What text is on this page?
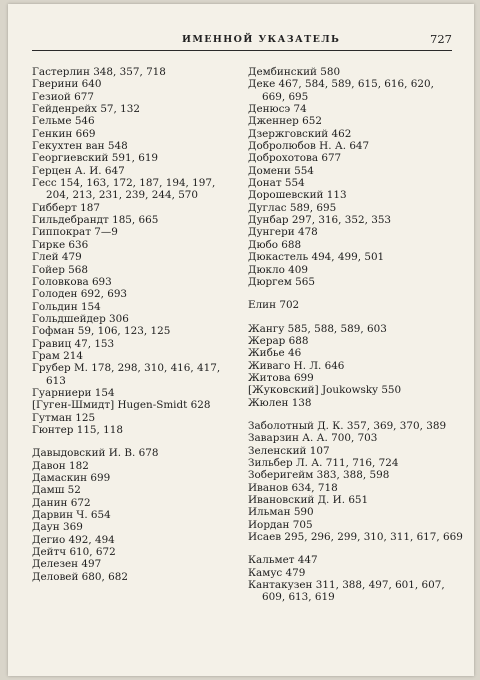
ИМЕННОЙ УКАЗАТЕЛЬ	727
Гастерлин 348, 357, 718
Гверини 640
Гезиой 677
Гейденрейх 57, 132
Гельме 546
Генкин 669
Гекухтен ван 548
Георгиевский 591, 619
Герцен А. И. 647
Гесс 154, 163, 172, 187, 194, 197,
204, 213, 231, 239, 244, 570
Гибберт 187
Гильдебрандт 185, 665
Гиппократ 7—9
Гирке 636
Глей 479
Гойер 568
Головкова 693
Голоден 692, 693
Гольдин 154
Гольдшейдер 306
Гофман 59, 106, 123, 125
Гравиц 47, 153
Грам 214
Грубер М. 178, 298, 310, 416, 417,
613
Гуарниери 154
[Гуген-Шмидт] Hugen-Smidt 628
Гутман 125
Гюнтер 115, 118
Давыдовский И. В. 678
Давон 182
Дамаскин 699
Дамш 52
Данин 672
Дарвин Ч. 654
Даун 369
Дегио 492, 494
Дейтч 610, 672
Делезен 497
Деловей 680, 682
Дембинский 580
Деке 467, 584, 589, 615, 616, 620,
669, 695
Денюсэ 74
Дженнер 652
Дзержговский 462
Добролюбов Н. А. 647
Доброхотова 677
Домени 554
Донат 554
Дорошевский 113
Дуглас 589, 695
Дунбар 297, 316, 352, 353
Дунгери 478
Дюбо 688
Дюкастель 494, 499, 501
Дюкло 409
Дюргем 565
Елин 702
Жангу 585, 588, 589, 603
Жерар 688
Жибье 46
Живаго Н. Л. 646
Житова 699
[Жуковский] Joukowsky 550
Жюлен 138
Заболотный Д. К. 357, 369, 370, 389
Заварзин А. А. 700, 703
Зеленский 107
Зильбер Л. А. 711, 716, 724
Зоберигейм 383, 388, 598
Иванов 634, 718
Ивановский Д. И. 651
Ильман 590
Иордан 705
Исаев 295, 296, 299, 310, 311, 617, 669
Кальмет 447
Камус 479
Кантакузен 311, 388, 497, 601, 607,
609, 613, 619
